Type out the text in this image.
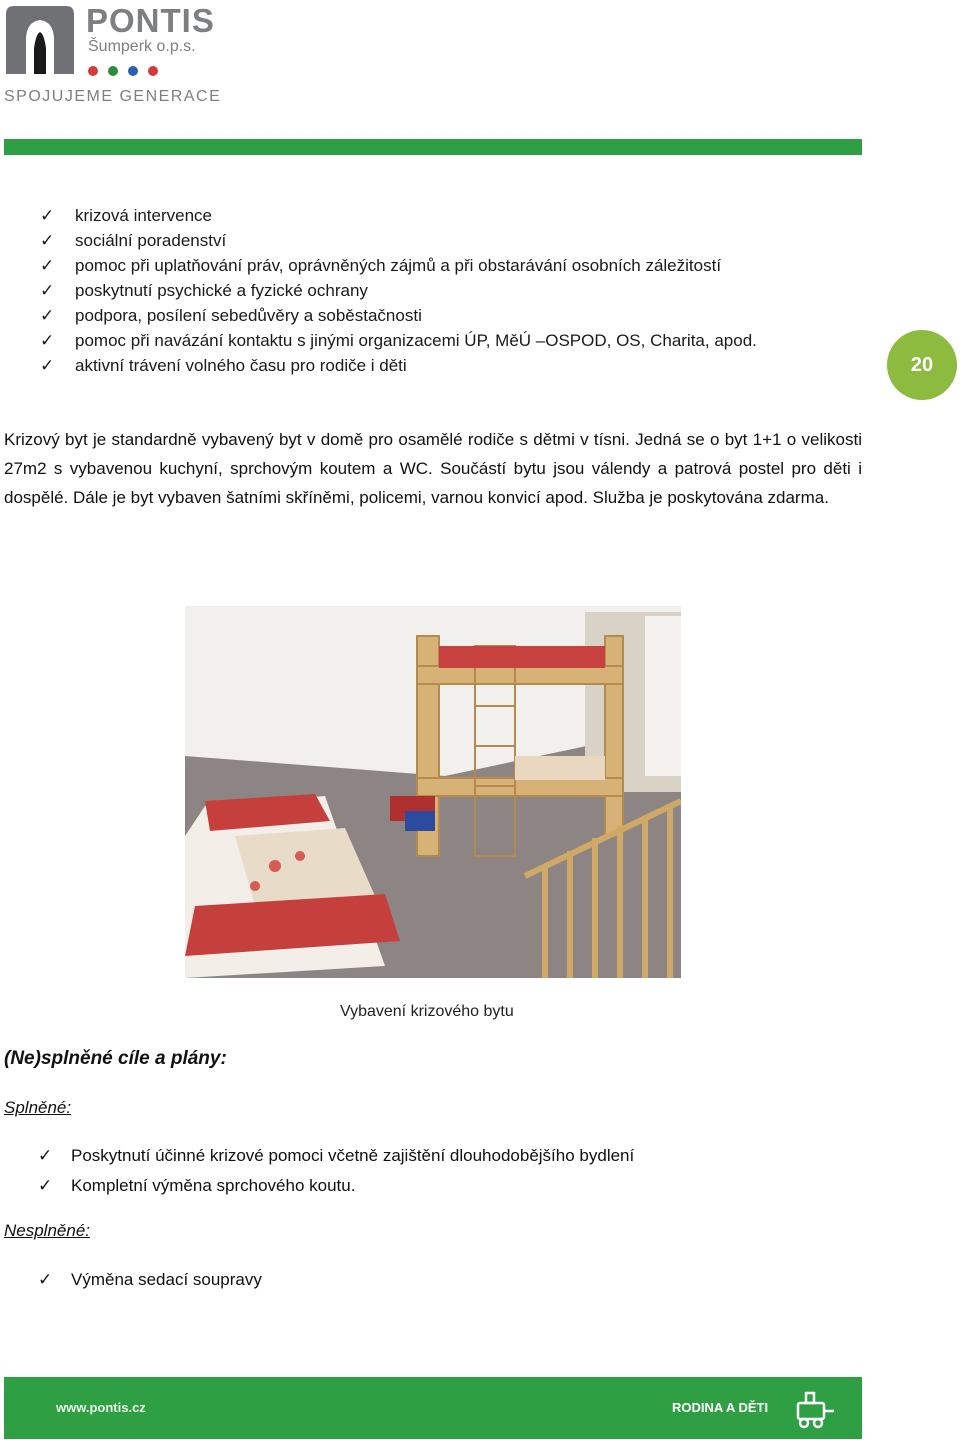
PONTIS
Šumperk o.p.s.
SPOJUJEME GENERACE
✓	krizová intervence
✓	sociální poradenství
✓	pomoc při uplatňování práv, oprávněných zájmů a při obstarávání osobních záležitostí
✓	poskytnutí psychické a fyzické ochrany
✓	podpora, posílení sebedůvěry a soběstačnosti
✓	pomoc při navázání kontaktu s jinými organizacemi ÚP, MěÚ –OSPOD, OS, Charita, apod.
✓	aktivní trávení volného času pro rodiče i děti	20

Krizový byt je standardně vybavený byt v domě pro osamělé rodiče s dětmi v tísni. Jedná se o byt 1+1 o velikosti 27m2 s vybavenou kuchyní, sprchovým koutem a WC. Součástí bytu jsou válendy a patrová postel pro děti i dospělé. Dále je byt vybaven šatními skříněmi, policemi, varnou konvicí apod. Služba je poskytována zdarma.

Vybavení krizového bytu
(Ne)splněné cíle a plány:
Splněné:
✓	Poskytnutí účinné krizové pomoci včetně zajištění dlouhodobějšího bydlení
✓	Kompletní výměna sprchového koutu.
Nesplněné:
✓	Výměna sedací soupravy
www.pontis.cz	RODINA A DĚTI
